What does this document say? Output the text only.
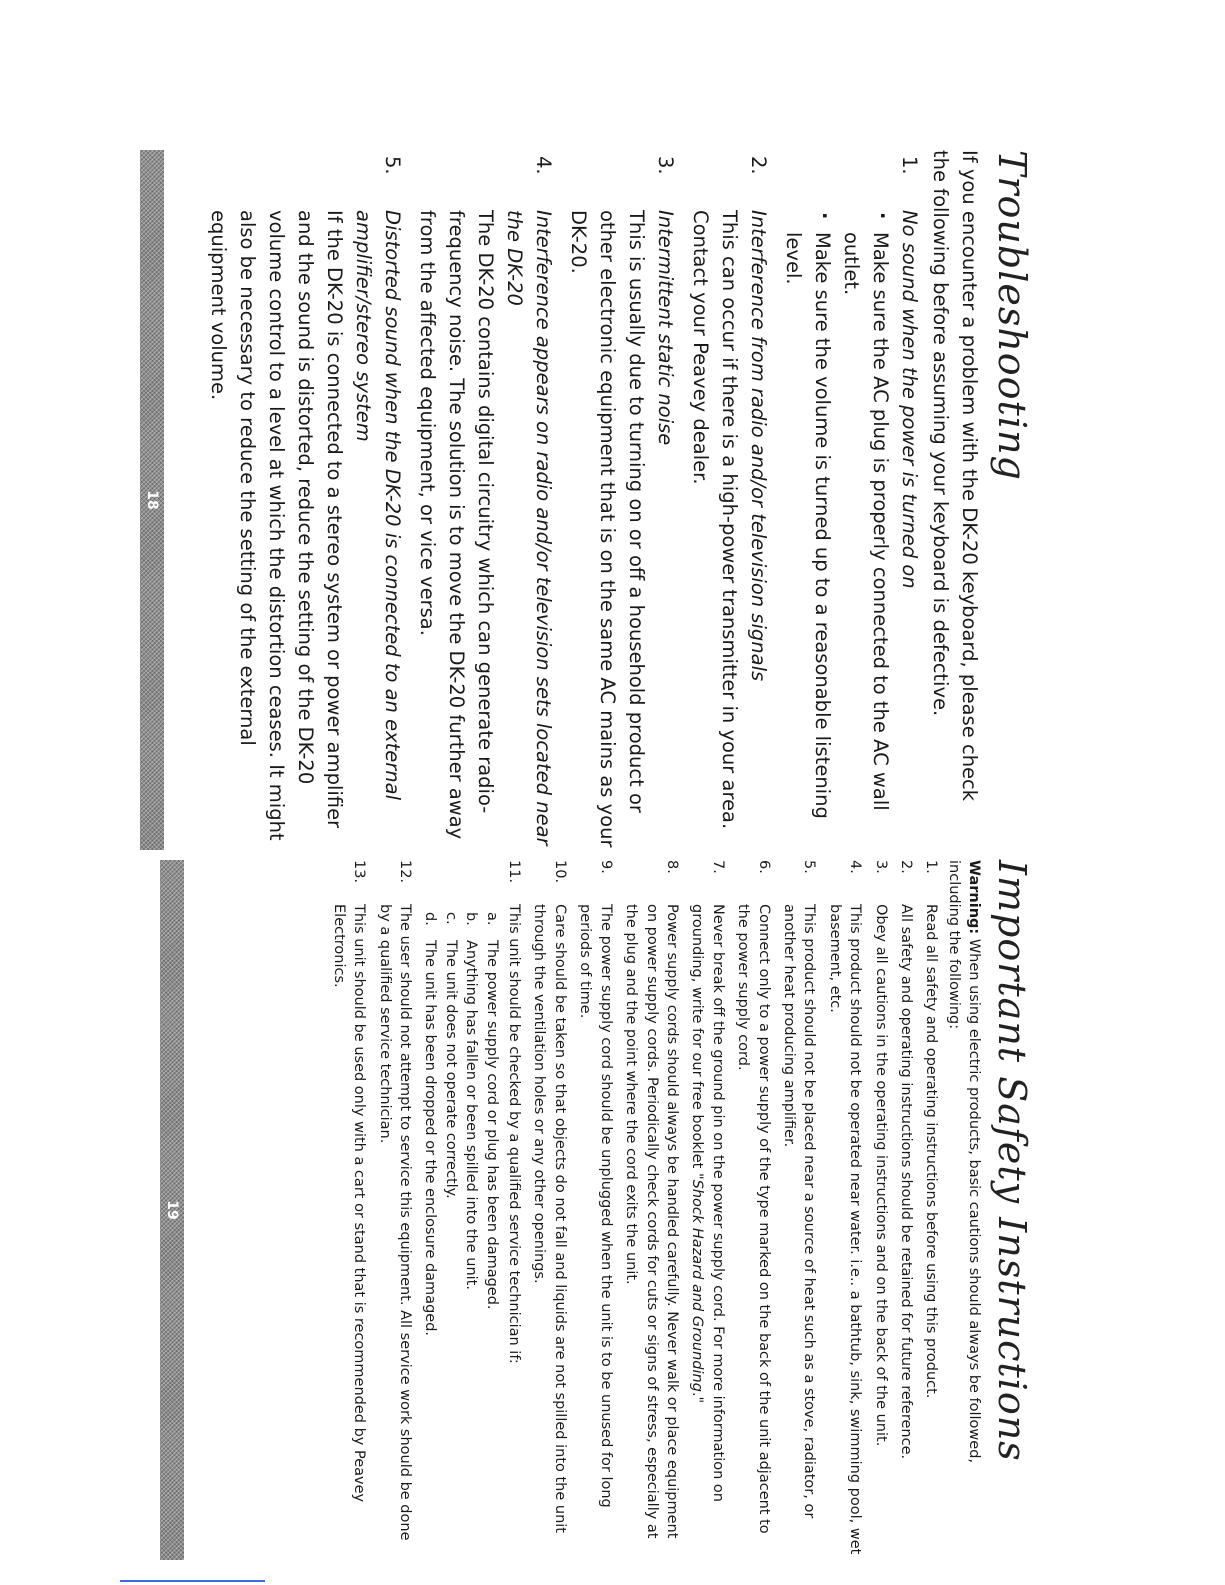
Troubleshooting

If you encounter a problem with the DK-20 keyboard, please check the following before assuming your keyboard is defective.

1.
No sound when the power is turned on
· Make sure the AC plug is properly connected to the AC wall outlet.
· Make sure the volume is turned up to a reasonable listening level.
2.
Interference from radio and/or television signals
This can occur if there is a high-power transmitter in your area. Contact your Peavey dealer.
3.
Intermittent static noise
This is usually due to turning on or off a household product or other electronic equipment that is on the same AC mains as your DK-20.
4.
Interference appears on radio and/or television sets located near the DK-20
The DK-20 contains digital circuitry which can generate radio-frequency noise. The solution is to move the DK-20 further away from the affected equipment, or vice versa.
5.
Distorted sound when the DK-20 is connected to an external amplifier/stereo system
If the DK-20 is connected to a stereo system or power amplifier and the sound is distorted, reduce the setting of the DK-20 volume control to a level at which the distortion ceases. It might also be necessary to reduce the setting of the external equipment volume.
18
Important Safety Instructions

Warning: When using electric products, basic cautions should always be followed, including the following:

1.
Read all safety and operating instructions before using this product.
2.
All safety and operating instructions should be retained for future reference.
3.
Obey all cautions in the operating instructions and on the back of the unit.
4.
This product should not be operated near water. i.e.. a bathtub, sink, swimming pool, wet basement, etc.
5.
This product should not be placed near a source of heat such as a stove, radiator, or another heat producing amplifier.
6.
Connect only to a power supply of the type marked on the back of the unit adjacent to the power supply cord.
7.
Never break off the ground pin on the power supply cord. For more information on grounding, write for our free booklet "Shock Hazard and Grounding."
8.
Power supply cords should always be handled carefully. Never walk or place equipment on power supply cords. Periodically check cords for cuts or signs of stress, especially at the plug and the point where the cord exits the unit.
9.
The power supply cord should be unplugged when the unit is to be unused for long periods of time.
10.
Care should be taken so that objects do not fall and liquids are not spilled into the unit through the ventilation holes or any other openings.
11.
This unit should be checked by a qualified service technician if:
a.
The power supply cord or plug has been damaged.
b.
Anything has fallen or been spilled into the unit.
c.
The unit does not operate correctly.
d.
The unit has been dropped or the enclosure damaged.
12.
The user should not attempt to service this equipment. All service work should be done by a qualified service technician.
13.
This unit should be used only with a cart or stand that is recommended by Peavey Electronics.
19
